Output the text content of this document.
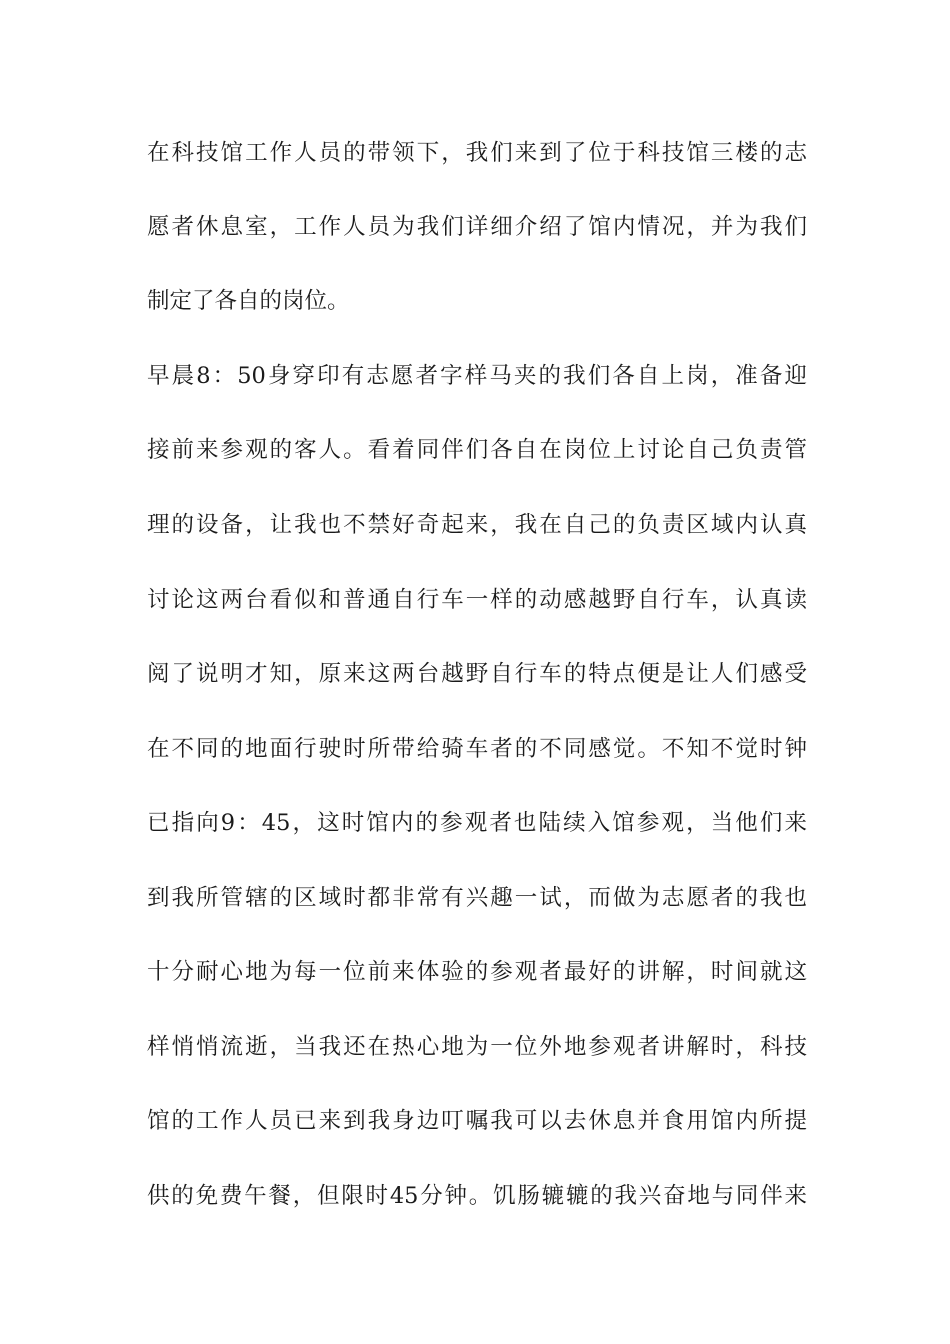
在科技馆工作人员的带领下，我们来到了位于科技馆三楼的志
愿者休息室，工作人员为我们详细介绍了馆内情况，并为我们
制定了各自的岗位。
早晨8：50身穿印有志愿者字样马夹的我们各自上岗，准备迎
接前来参观的客人。看着同伴们各自在岗位上讨论自己负责管
理的设备，让我也不禁好奇起来，我在自己的负责区域内认真
讨论这两台看似和普通自行车一样的动感越野自行车，认真读
阅了说明才知，原来这两台越野自行车的特点便是让人们感受
在不同的地面行驶时所带给骑车者的不同感觉。不知不觉时钟
已指向9：45，这时馆内的参观者也陆续入馆参观，当他们来
到我所管辖的区域时都非常有兴趣一试，而做为志愿者的我也
十分耐心地为每一位前来体验的参观者最好的讲解，时间就这
样悄悄流逝，当我还在热心地为一位外地参观者讲解时，科技
馆的工作人员已来到我身边叮嘱我可以去休息并食用馆内所提
供的免费午餐，但限时45分钟。饥肠辘辘的我兴奋地与同伴来
